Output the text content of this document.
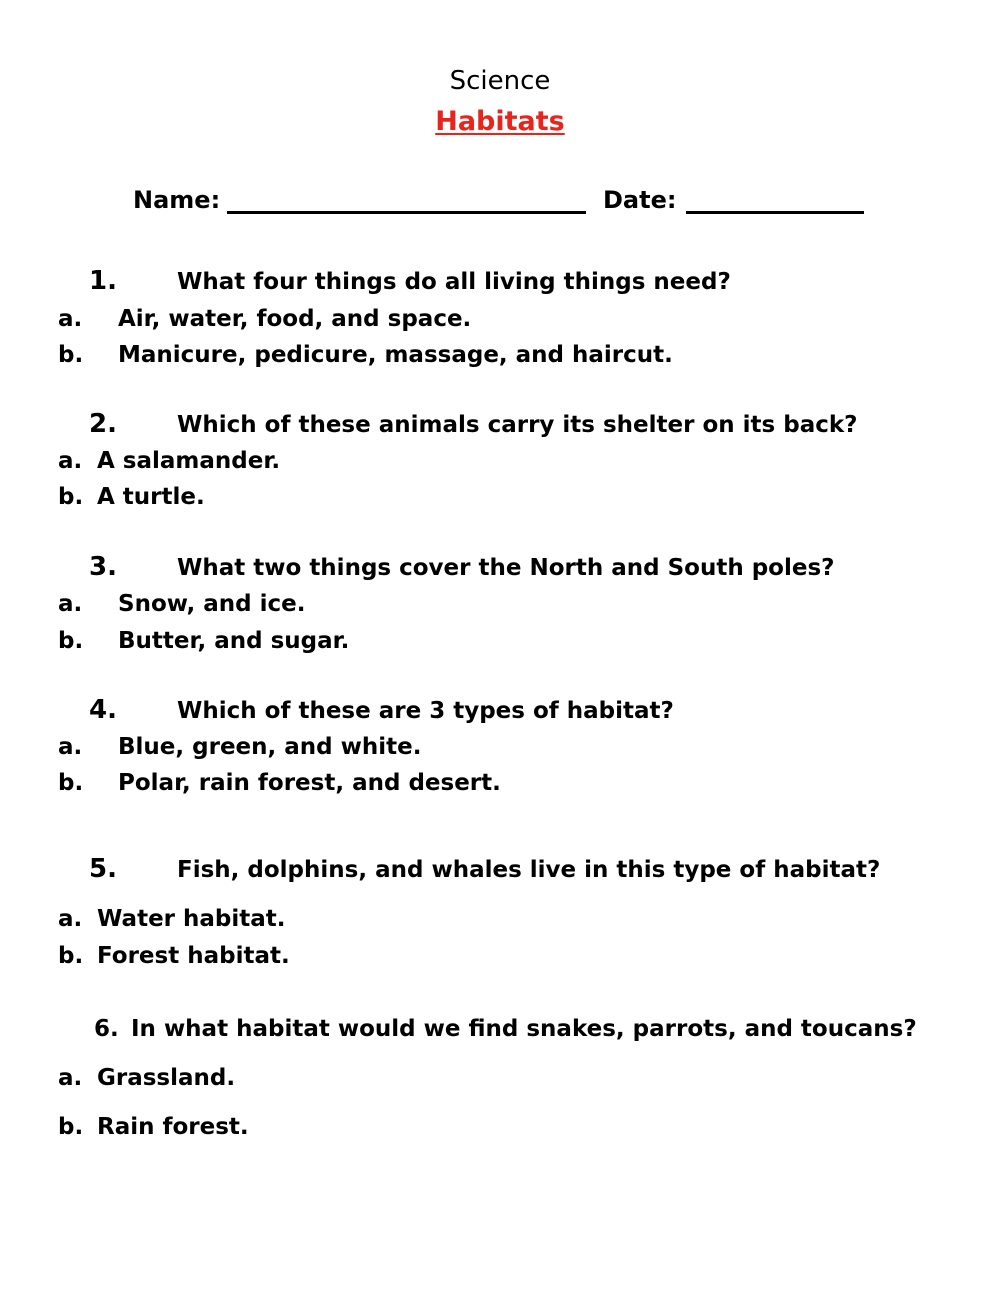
Science
Habitats
Name:	Date:
1.	What four things do all living things need?
a. Air, water, food, and space.
b. Manicure, pedicure, massage, and haircut.
2.	Which of these animals carry its shelter on its back?
a. A salamander.
b. A turtle.
3.	What two things cover the North and South poles?
a. Snow, and ice.
b. Butter, and sugar.
4.	Which of these are 3 types of habitat?
a. Blue, green, and white.
b. Polar, rain forest, and desert.
5.	Fish, dolphins, and whales live in this type of habitat?
a. Water habitat.
b. Forest habitat.
6. In what habitat would we find snakes, parrots, and toucans?
a. Grassland.
b. Rain forest.
